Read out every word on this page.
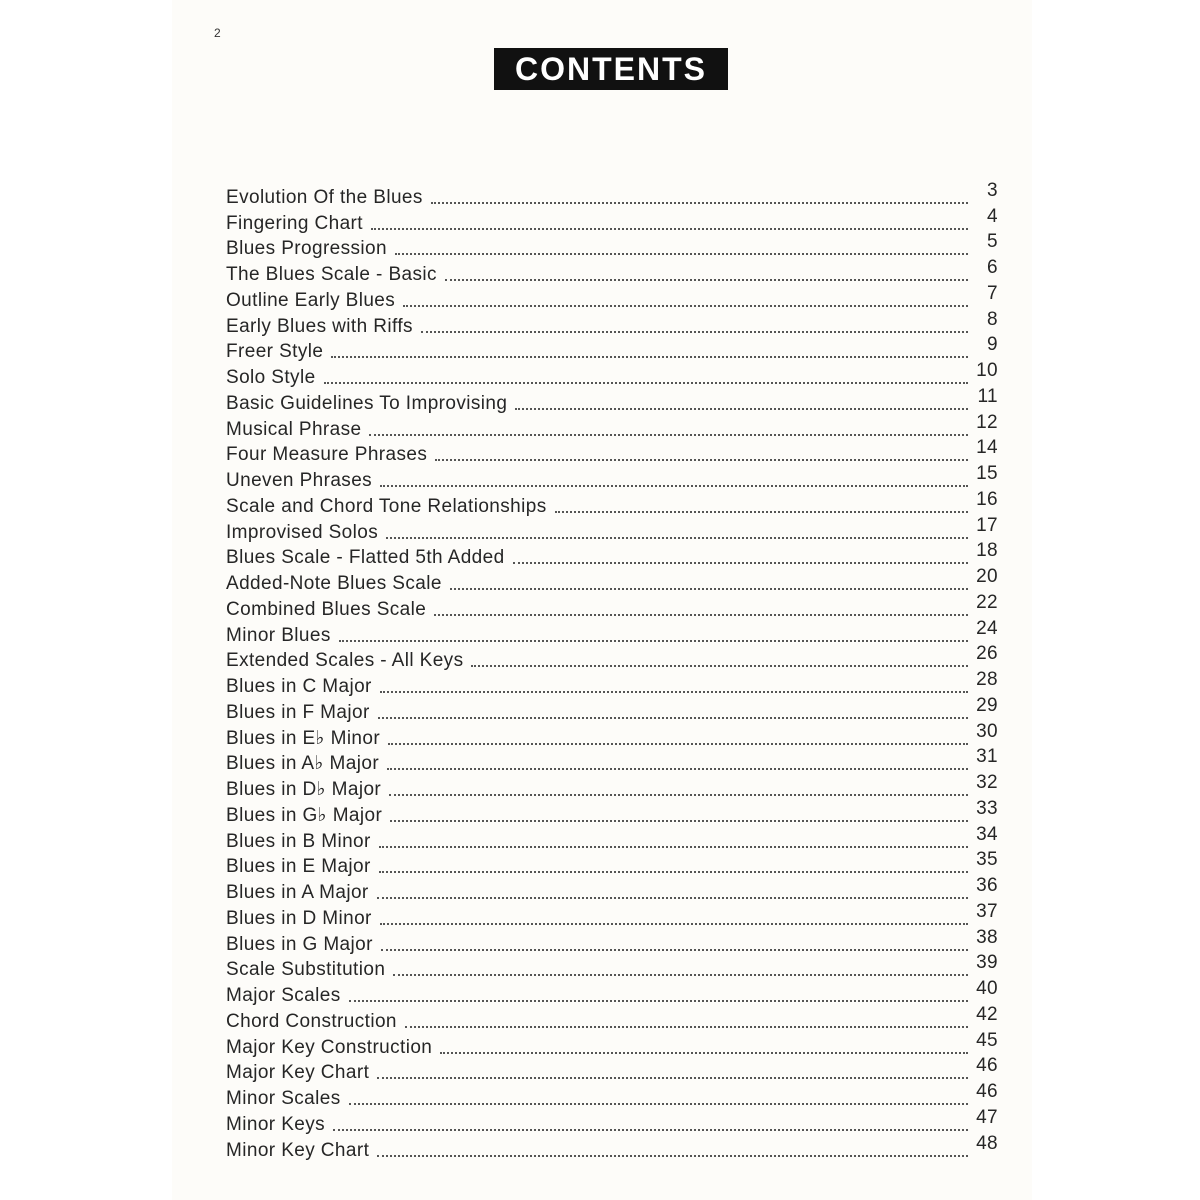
2
CONTENTS
Evolution Of the Blues	3
Fingering Chart	4
Blues Progression	5
The Blues Scale - Basic	6
Outline Early Blues	7
Early Blues with Riffs	8
Freer Style	9
Solo Style	10
Basic Guidelines To Improvising	11
Musical Phrase	12
Four Measure Phrases	14
Uneven Phrases	15
Scale and Chord Tone Relationships	16
Improvised Solos	17
Blues Scale - Flatted 5th Added	18
Added-Note Blues Scale	20
Combined Blues Scale	22
Minor Blues	24
Extended Scales - All Keys	26
Blues in C Major	28
Blues in F Major	29
Blues in E♭ Minor	30
Blues in A♭ Major	31
Blues in D♭ Major	32
Blues in G♭ Major	33
Blues in B Minor	34
Blues in E Major	35
Blues in A Major	36
Blues in D Minor	37
Blues in G Major	38
Scale Substitution	39
Major Scales	40
Chord Construction	42
Major Key Construction	45
Major Key Chart	46
Minor Scales	46
Minor Keys	47
Minor Key Chart	48
